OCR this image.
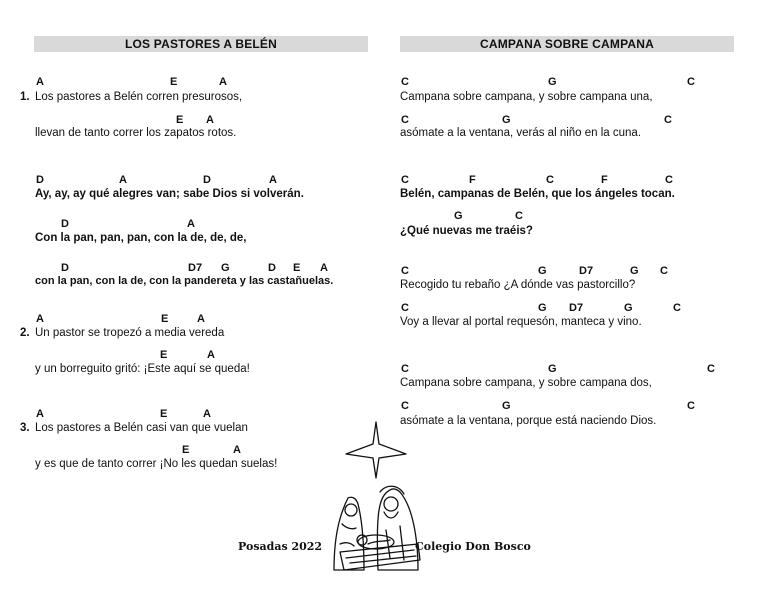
LOS PASTORES A BELÉN
A	E	A
1. Los pastores a Belén corren presurosos,
E A
llevan de tanto correr los zapatos rotos.
D	A	D	A
Ay, ay, ay qué alegres van; sabe Dios si volverán.
D	A
Con la pan, pan, pan, con la de, de, de,
D	D7 G	D E A
con la pan, con la de, con la pandereta y las castañuelas.
A	E	A
2. Un pastor se tropezó a media vereda
E	A
y un borreguito gritó: ¡Este aquí se queda!
A	E	A
3. Los pastores a Belén casi van que vuelan
E	A
y es que de tanto correr ¡No les quedan suelas!
CAMPANA SOBRE CAMPANA
C	G	C
Campana sobre campana, y sobre campana una,
C	G	C
asómate a la ventana, verás al niño en la cuna.
C	F	C	F	C
Belén, campanas de Belén, que los ángeles tocan.
G	C
¿Qué nuevas me traéis?
C	G	D7	G C
Recogido tu rebaño ¿A dónde vas pastorcillo?
C	G D7	G	C
Voy a llevar al portal requesón, manteca y vino.
C	G	C
Campana sobre campana, y sobre campana dos,
C	G	C
asómate a la ventana, porque está naciendo Dios.
Posadas 2022	Colegio Don Bosco
